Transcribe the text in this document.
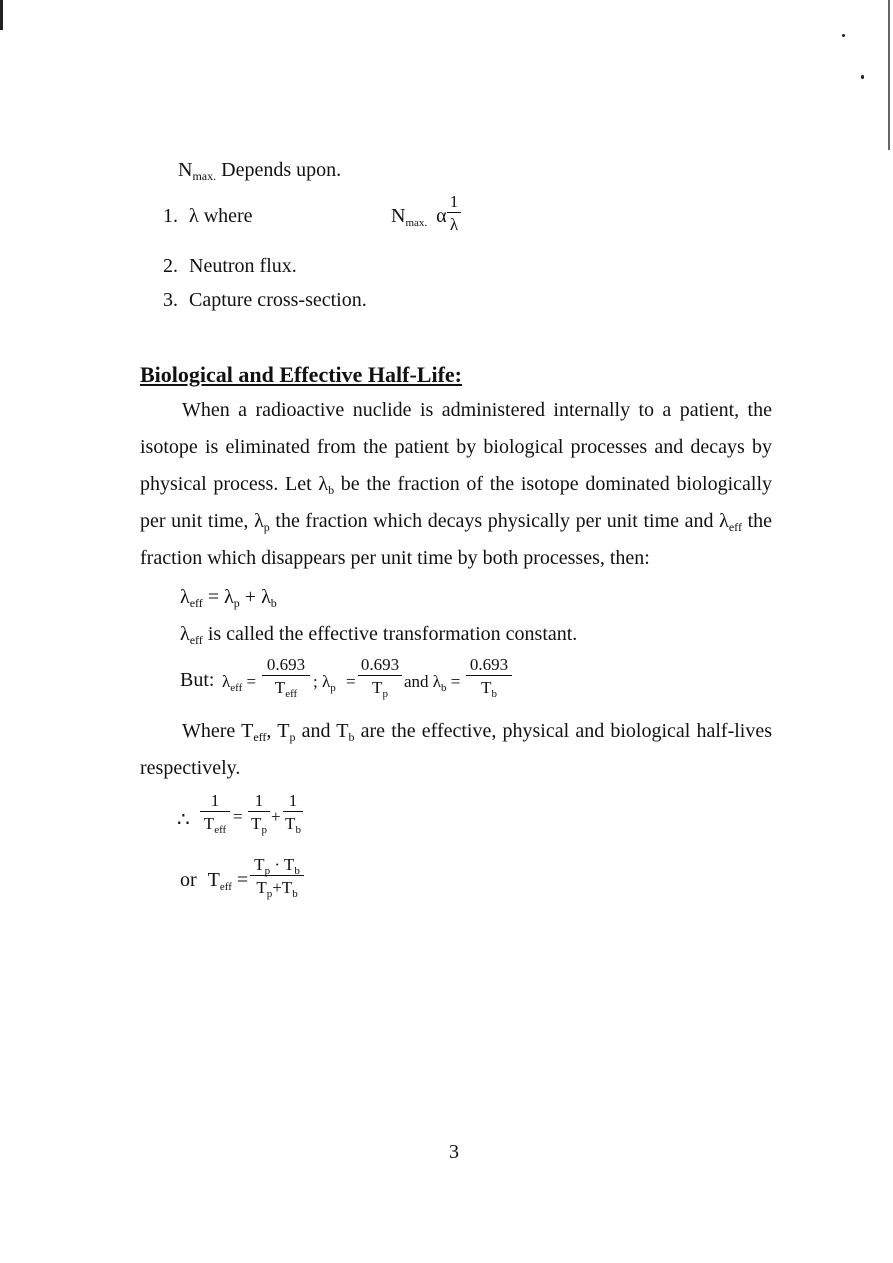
$N_{max.}$ Depends upon.
1. λ where	$N_{max.}$ α
1
λ
2. Neutron flux.
3. Capture cross-section.
Biological and Effective Half-Life:
When a radioactive nuclide is administered internally to a patient, the isotope is eliminated from the patient by biological processes and decays by physical process. Let $\lambda_b$ be the fraction of the isotope dominated biologically per unit time, $\lambda_p$ the fraction which decays physically per unit time and $\lambda_{eff}$ the fraction which disappears per unit time by both processes, then:
$\lambda_{eff} = \lambda_p + \lambda_b$
$\lambda_{eff}$ is called the effective transformation constant.
But: $\lambda_{eff}$ =
0.693
$T_{eff}$
; $\lambda_p$ =
0.693
$T_p$
and $\lambda_b$ =
0.693
$T_b$
Where $T_{eff}$, $T_p$ and $T_b$ are the effective, physical and biological half-lives respectively.
∴
1
$T_{eff}$
=
1
$T_p$
+
1
$T_b$
or $T_{eff}$ =
$T_p \cdot T_b$
$T_p+T_b$
3
